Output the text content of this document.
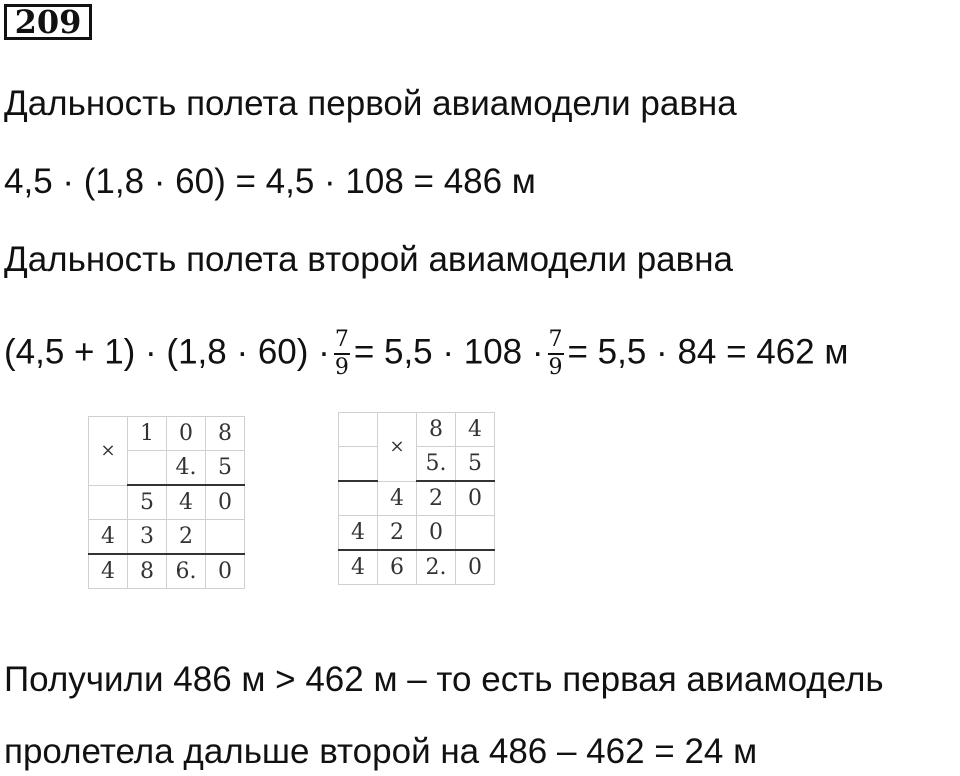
209
Дальность полета первой авиамодели равна
4,5 · (1,8 · 60) = 4,5 · 108 = 486 м
Дальность полета второй авиамодели равна
$(4,5 + 1) \cdot (1,8 \cdot 60) \cdot \frac{7}{9} = 5,5 \cdot 108 \cdot \frac{7}{9} = 5,5 \cdot 84 = 462$ м
×	1	0	8
		4.	5
	5	4	0
4	3	2	
4	8	6.	0
	×	8	4
		5.	5
	4	2	0
4	2	0	
4	6	2.	0
Получили 486 м > 462 м – то есть первая авиамодель
пролетела дальше второй на 486 – 462 = 24 м
